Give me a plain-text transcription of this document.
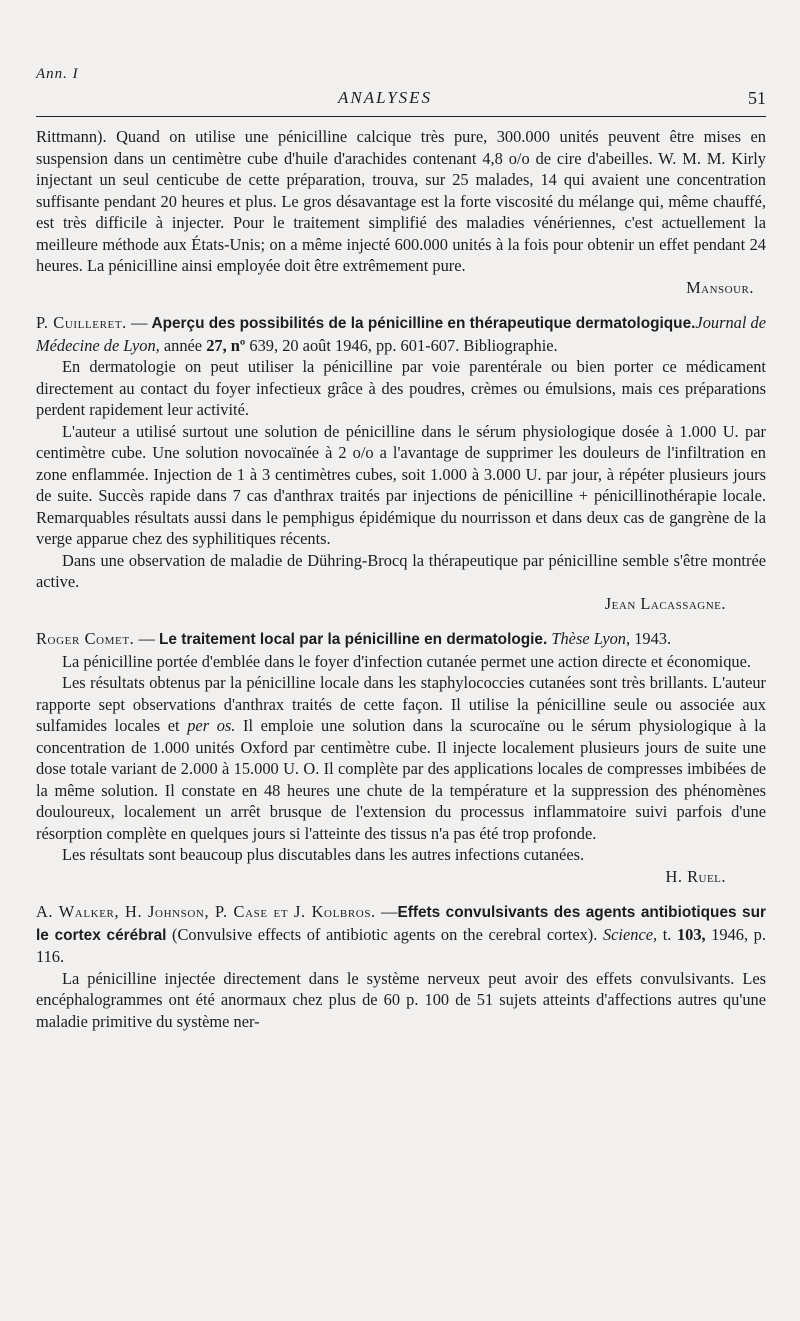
Ann. I
ANALYSES	51

Rittmann). Quand on utilise une pénicilline calcique très pure, 300.000 unités peuvent être mises en suspension dans un centimètre cube d'huile d'arachides contenant 4,8 o/o de cire d'abeilles. W. M. M. Kirly injectant un seul centicube de cette préparation, trouva, sur 25 malades, 14 qui avaient une concentration suffisante pendant 20 heures et plus. Le gros désavantage est la forte viscosité du mélange qui, même chauffé, est très difficile à injecter. Pour le traitement simplifié des maladies vénériennes, c'est actuellement la meilleure méthode aux États-Unis; on a même injecté 600.000 unités à la fois pour obtenir un effet pendant 24 heures. La pénicilline ainsi employée doit être extrêmement pure.

Mansour.

P. Cuilleret. — Aperçu des possibilités de la pénicilline en thérapeutique dermatologique.Journal de Médecine de Lyon, année 27, nº 639, 20 août 1946, pp. 601-607. Bibliographie.

En dermatologie on peut utiliser la pénicilline par voie parentérale ou bien porter ce médicament directement au contact du foyer infectieux grâce à des poudres, crèmes ou émulsions, mais ces préparations perdent rapidement leur activité.

L'auteur a utilisé surtout une solution de pénicilline dans le sérum physiologique dosée à 1.000 U. par centimètre cube. Une solution novocaïnée à 2 o/o a l'avantage de supprimer les douleurs de l'infiltration en zone enflammée. Injection de 1 à 3 centimètres cubes, soit 1.000 à 3.000 U. par jour, à répéter plusieurs jours de suite. Succès rapide dans 7 cas d'anthrax traités par injections de pénicilline + pénicillinothérapie locale. Remarquables résultats aussi dans le pemphigus épidémique du nourrisson et dans deux cas de gangrène de la verge apparue chez des syphilitiques récents.

Dans une observation de maladie de Dühring-Brocq la thérapeutique par pénicilline semble s'être montrée active.

Jean Lacassagne.

Roger Comet. — Le traitement local par la pénicilline en dermatologie. Thèse Lyon, 1943.

La pénicilline portée d'emblée dans le foyer d'infection cutanée permet une action directe et économique.

Les résultats obtenus par la pénicilline locale dans les staphylococcies cutanées sont très brillants. L'auteur rapporte sept observations d'anthrax traités de cette façon. Il utilise la pénicilline seule ou associée aux sulfamides locales et per os. Il emploie une solution dans la scurocaïne ou le sérum physiologique à la concentration de 1.000 unités Oxford par centimètre cube. Il injecte localement plusieurs jours de suite une dose totale variant de 2.000 à 15.000 U. O. Il complète par des applications locales de compresses imbibées de la même solution. Il constate en 48 heures une chute de la température et la suppression des phénomènes douloureux, localement un arrêt brusque de l'extension du processus inflammatoire suivi parfois d'une résorption complète en quelques jours si l'atteinte des tissus n'a pas été trop profonde.

Les résultats sont beaucoup plus discutables dans les autres infections cutanées.

H. Ruel.

A. Walker, H. Johnson, P. Case et J. Kolbros. —Effets convulsivants des agents antibiotiques sur le cortex cérébral (Convulsive effects of antibiotic agents on the cerebral cortex). Science, t. 103, 1946, p. 116.

La pénicilline injectée directement dans le système nerveux peut avoir des effets convulsivants. Les encéphalogrammes ont été anormaux chez plus de 60 p. 100 de 51 sujets atteints d'affections autres qu'une maladie primitive du système ner-
